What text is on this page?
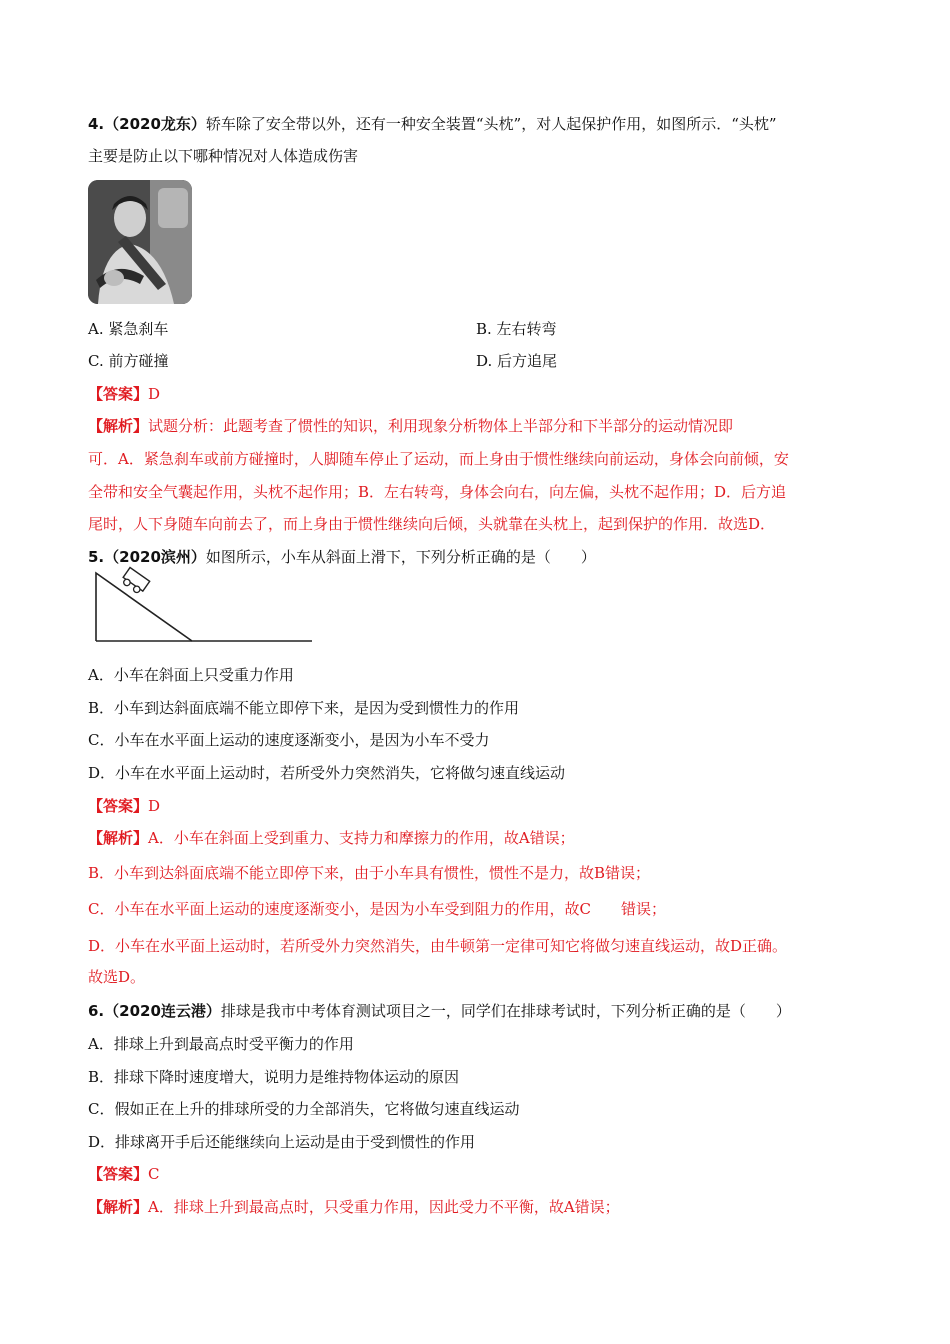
4.（2020龙东）轿车除了安全带以外，还有一种安全装置“头枕”，对人起保护作用，如图所示．“头枕”
主要是防止以下哪种情况对人体造成伤害
A. 紧急刹车	B. 左右转弯
C. 前方碰撞	D. 后方追尾
【答案】D
【解析】试题分析：此题考查了惯性的知识，利用现象分析物体上半部分和下半部分的运动情况即
可．A．紧急刹车或前方碰撞时，人脚随车停止了运动，而上身由于惯性继续向前运动，身体会向前倾，安
全带和安全气囊起作用，头枕不起作用；B．左右转弯，身体会向右，向左偏，头枕不起作用；D．后方追
尾时，人下身随车向前去了，而上身由于惯性继续向后倾，头就靠在头枕上，起到保护的作用．故选D．
5.（2020滨州）如图所示，小车从斜面上滑下，下列分析正确的是（　　）
A．小车在斜面上只受重力作用
B．小车到达斜面底端不能立即停下来，是因为受到惯性力的作用
C．小车在水平面上运动的速度逐渐变小，是因为小车不受力
D．小车在水平面上运动时，若所受外力突然消失，它将做匀速直线运动
【答案】D
【解析】A．小车在斜面上受到重力、支持力和摩擦力的作用，故A错误；
B．小车到达斜面底端不能立即停下来，由于小车具有惯性，惯性不是力，故B错误；
C．小车在水平面上运动的速度逐渐变小，是因为小车受到阻力的作用，故C　　错误；
D．小车在水平面上运动时，若所受外力突然消失，由牛顿第一定律可知它将做匀速直线运动，故D正确。
故选D。
6.（2020连云港）排球是我市中考体育测试项目之一，同学们在排球考试时，下列分析正确的是（　　）
A．排球上升到最高点时受平衡力的作用
B．排球下降时速度增大，说明力是维持物体运动的原因
C．假如正在上升的排球所受的力全部消失，它将做匀速直线运动
D．排球离开手后还能继续向上运动是由于受到惯性的作用
【答案】C
【解析】A．排球上升到最高点时，只受重力作用，因此受力不平衡，故A错误；
